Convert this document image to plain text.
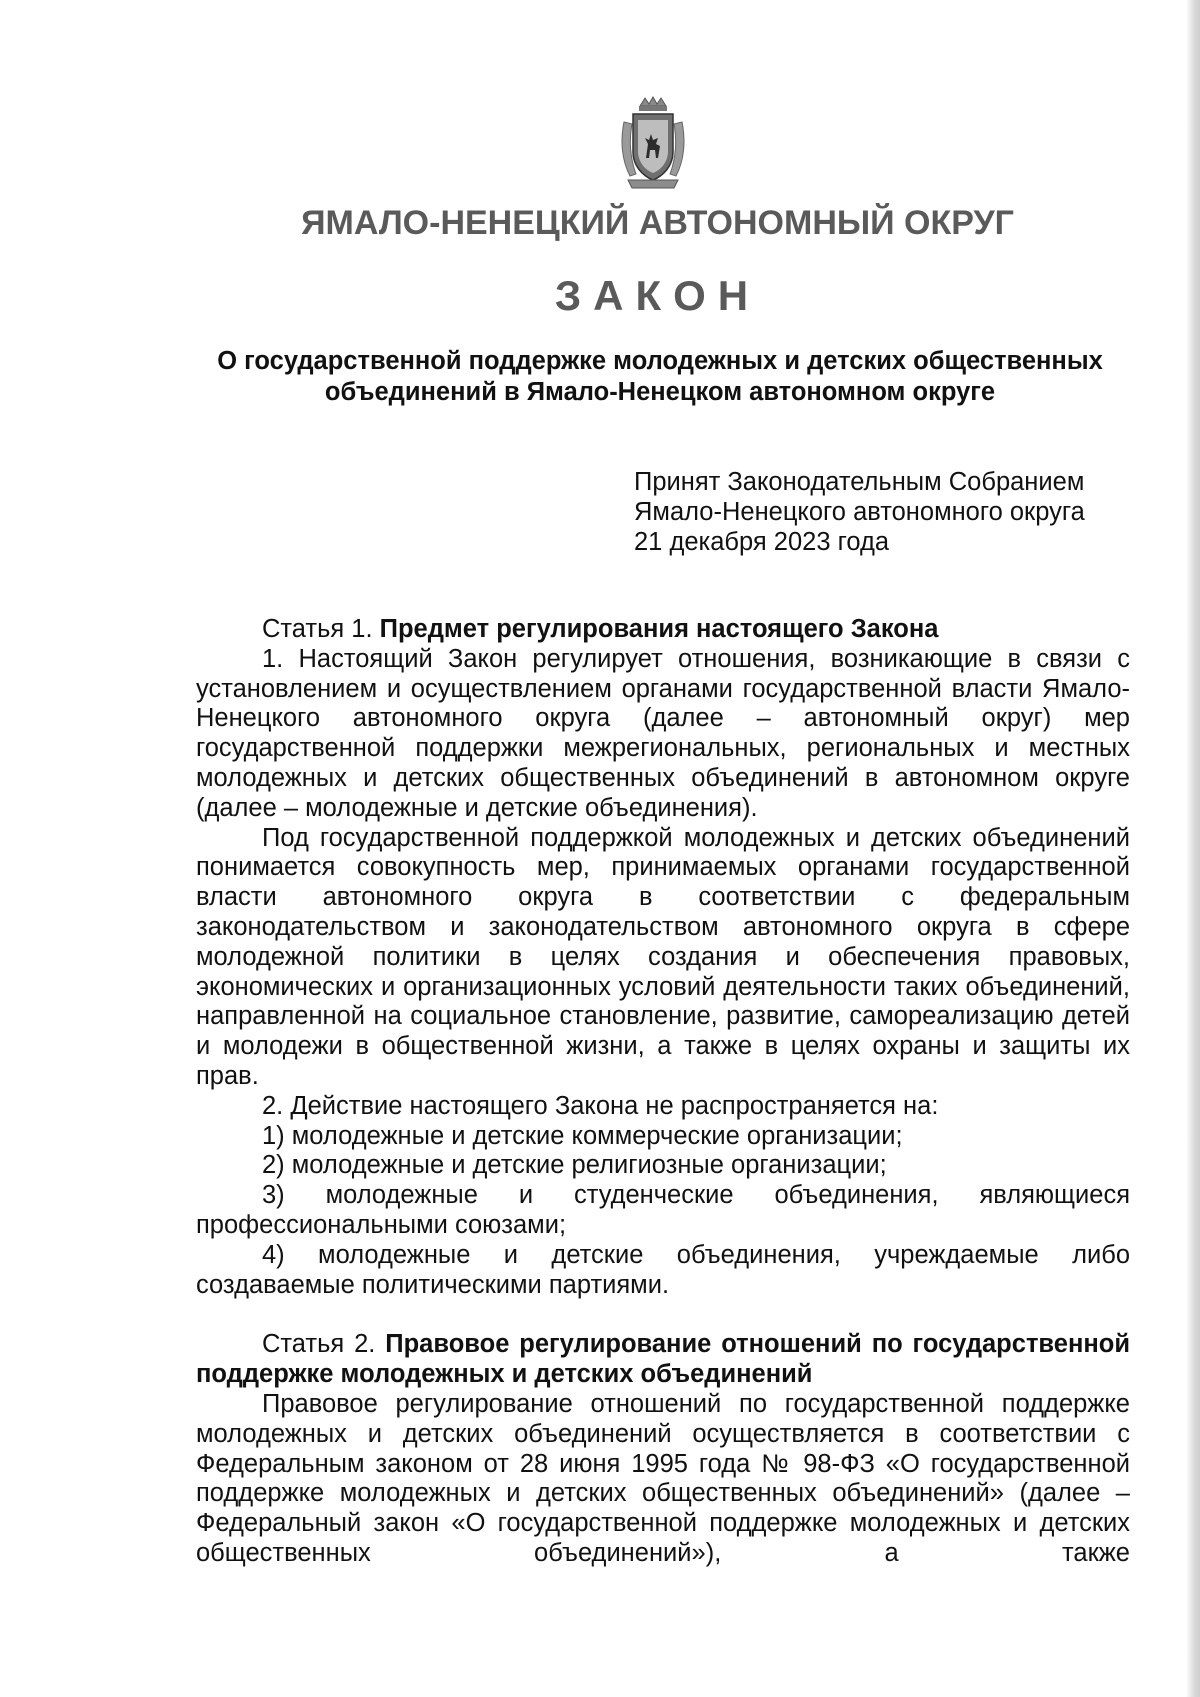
ЯМАЛО-НЕНЕЦКИЙ АВТОНОМНЫЙ ОКРУГ
ЗАКОН
О государственной поддержке молодежных и детских общественных объединений в Ямало-Ненецком автономном округе
Принят Законодательным Собранием
Ямало-Ненецкого автономного округа
21 декабря 2023 года

Статья 1. Предмет регулирования настоящего Закона

1. Настоящий Закон регулирует отношения, возникающие в связи с установлением и осуществлением органами государственной власти Ямало-Ненецкого автономного округа (далее – автономный округ) мер государственной поддержки межрегиональных, региональных и местных молодежных и детских общественных объединений в автономном округе (далее – молодежные и детские объединения).

Под государственной поддержкой молодежных и детских объединений понимается совокупность мер, принимаемых органами государственной власти автономного округа в соответствии с федеральным законодательством и законодательством автономного округа в сфере молодежной политики в целях создания и обеспечения правовых, экономических и организационных условий деятельности таких объединений, направленной на социальное становление, развитие, самореализацию детей и молодежи в общественной жизни, а также в целях охраны и защиты их прав.

2. Действие настоящего Закона не распространяется на:

1) молодежные и детские коммерческие организации;

2) молодежные и детские религиозные организации;

3) молодежные и студенческие объединения, являющиеся профессиональными союзами;

4) молодежные и детские объединения, учреждаемые либо создаваемые политическими партиями.

Статья 2. Правовое регулирование отношений по государственной поддержке молодежных и детских объединений

Правовое регулирование отношений по государственной поддержке молодежных и детских объединений осуществляется в соответствии с Федеральным законом от 28 июня 1995 года № 98-ФЗ «О государственной поддержке молодежных и детских общественных объединений» (далее – Федеральный закон «О государственной поддержке молодежных и детских общественных объединений»), а также
